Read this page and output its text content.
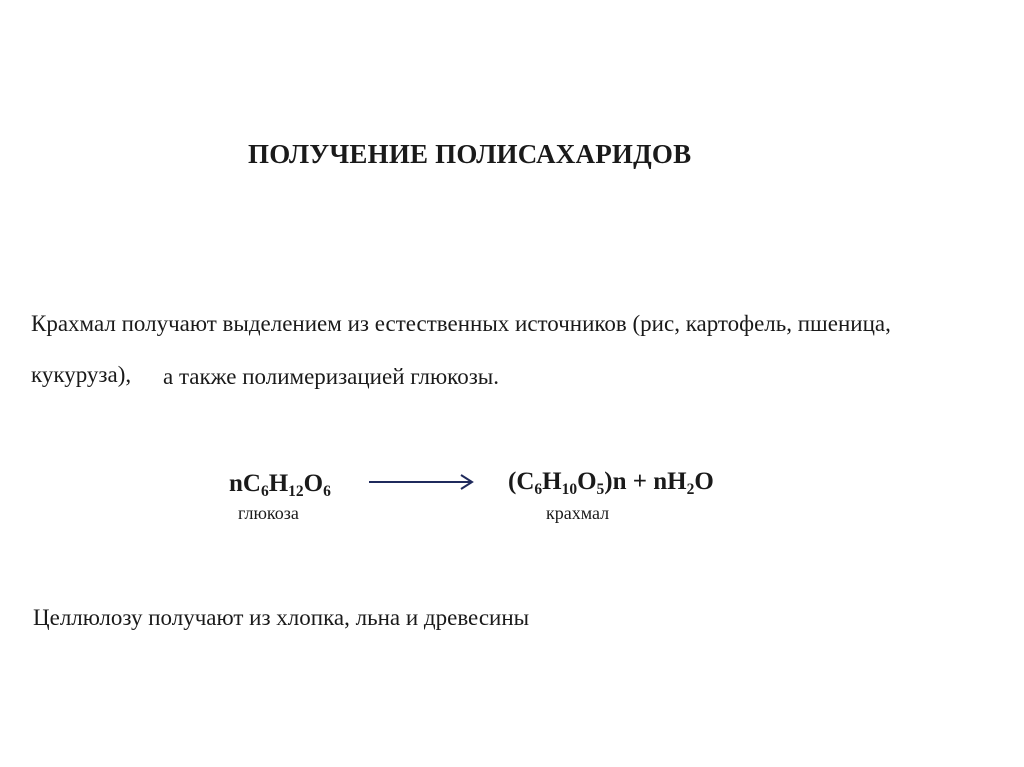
ПОЛУЧЕНИЕ ПОЛИСАХАРИДОВ
Крахмал получают выделением из естественных источников (рис, картофель, пшеница,
кукуруза), а также полимеризацией глюкозы.
$nC_6H_{12}O_6$	$(C_6H_{10}O_5)n + nH_2O$
глюкоза	крахмал
Целлюлозу получают из хлопка, льна и древесины
